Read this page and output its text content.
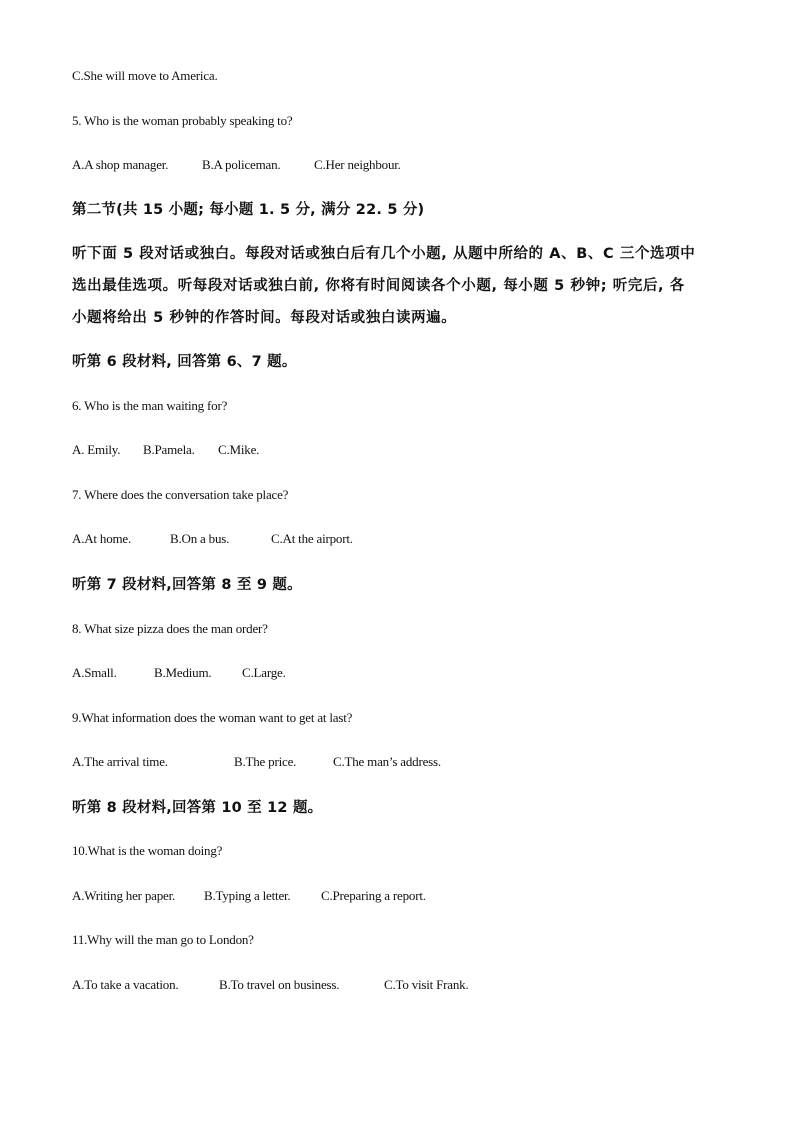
C.She will move to America.
5. Who is the woman probably speaking to?
A.A shop manager.	B.A policeman.	C.Her neighbour.
第二节(共 15 小题; 每小题 1. 5 分, 满分 22. 5 分)
听下面 5 段对话或独白。每段对话或独白后有几个小题, 从题中所给的 A、B、C 三个选项中
选出最佳选项。听每段对话或独白前, 你将有时间阅读各个小题, 每小题 5 秒钟; 听完后, 各
小题将给出 5 秒钟的作答时间。每段对话或独白读两遍。
听第 6 段材料, 回答第 6、7 题。
6. Who is the man waiting for?
A. Emily. B.Pamela. C.Mike.
7. Where does the conversation take place?
A.At home.	B.On a bus.	C.At the airport.
听第 7 段材料,回答第 8 至 9 题。
8. What size pizza does the man order?
A.Small.	B.Medium. C.Large.
9.What information does the woman want to get at last?
A.The arrival time.	B.The price.	C.The man’s address.
听第 8 段材料,回答第 10 至 12 题。
10.What is the woman doing?
A.Writing her paper. B.Typing a letter. C.Preparing a report.
11.Why will the man go to London?
A.To take a vacation.	B.To travel on business.	C.To visit Frank.
